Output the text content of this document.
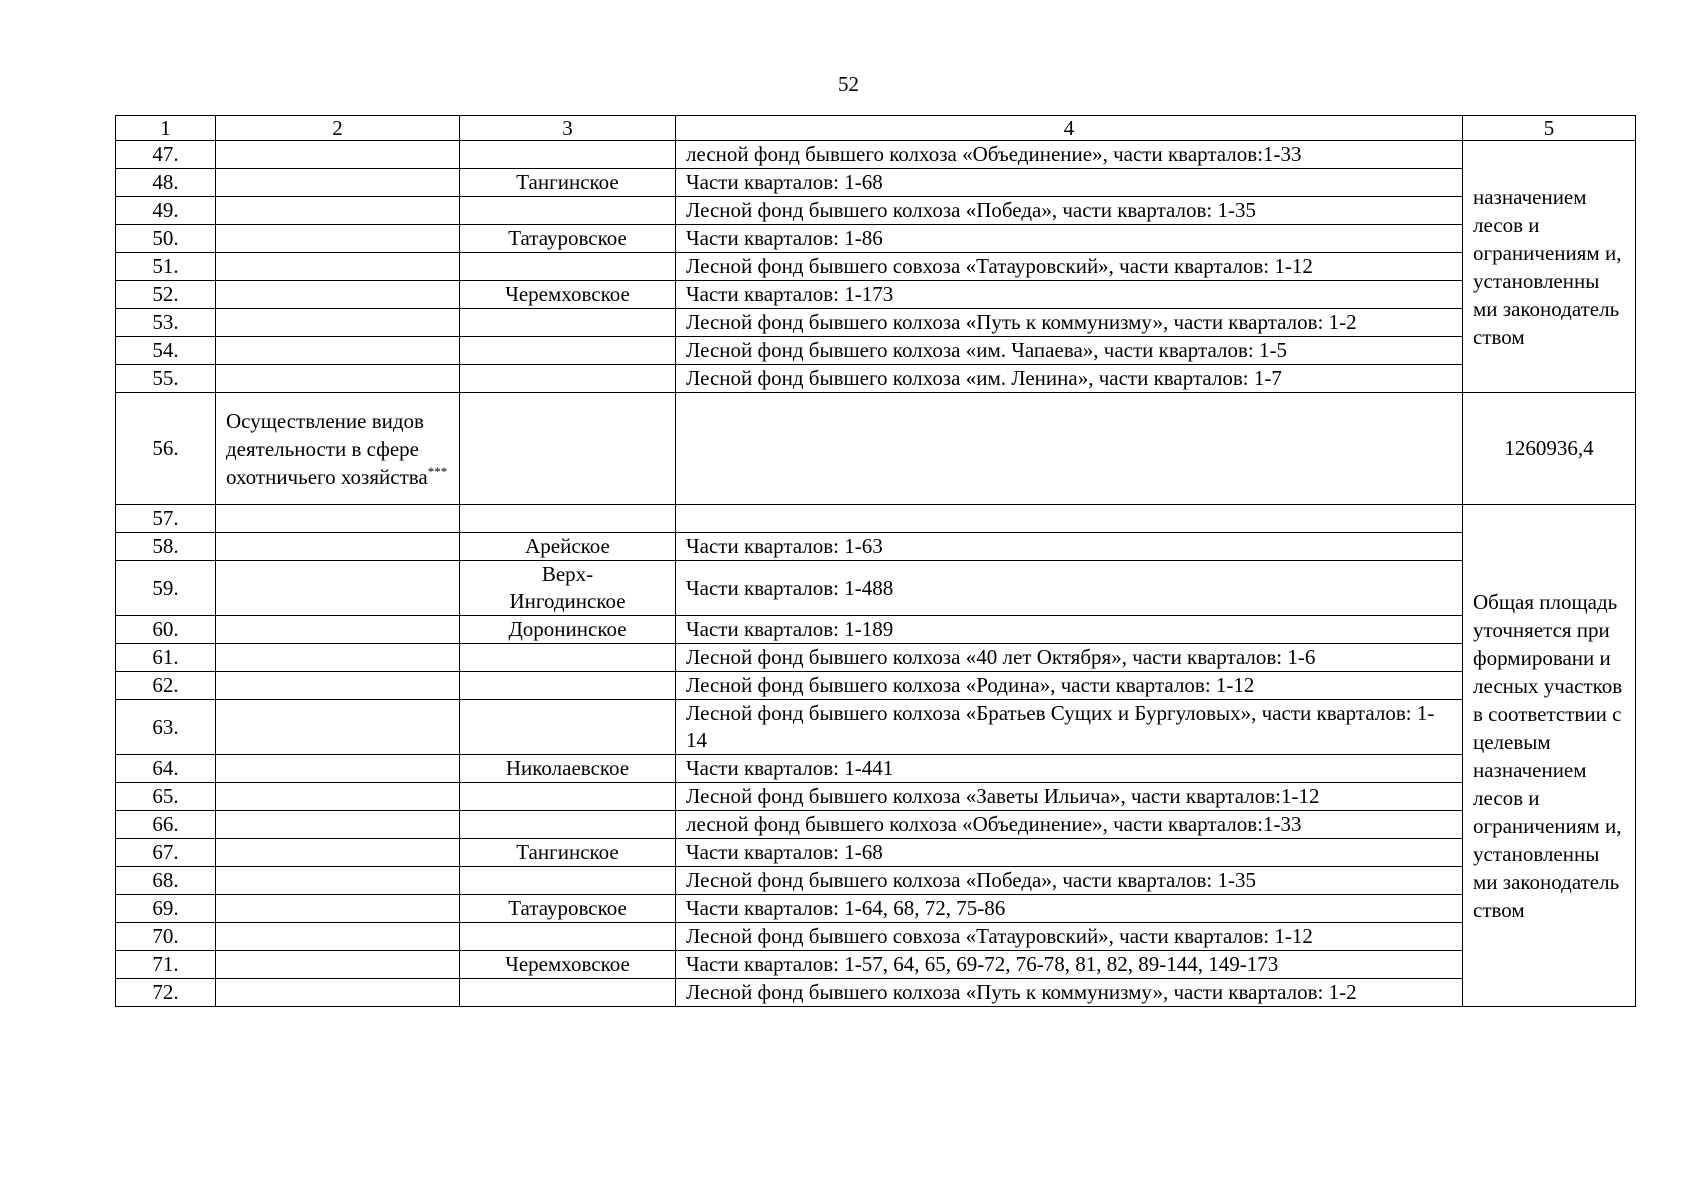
52
1	2	3	4	5
47.			лесной фонд бывшего колхоза «Объединение», части кварталов:1-33	назначением лесов и ограничениям и, установленны ми законодатель ством
48.		Тангинское	Части кварталов: 1-68	
49.			Лесной фонд бывшего колхоза «Победа», части кварталов: 1-35	
50.		Татауровское	Части кварталов: 1-86	
51.			Лесной фонд бывшего совхоза «Татауровский», части кварталов: 1-12	
52.		Черемховское	Части кварталов: 1-173	
53.			Лесной фонд бывшего колхоза «Путь к коммунизму», части кварталов: 1-2	
54.			Лесной фонд бывшего колхоза «им. Чапаева», части кварталов: 1-5	
55.			Лесной фонд бывшего колхоза «им. Ленина», части кварталов: 1-7	
56.	Осуществление видов деятельности в сфере охотничьего хозяйства***			1260936,4
57.				Общая площадь уточняется при формировани и лесных участков в соответствии с целевым назначением лесов и ограничениям и, установленны ми законодатель ством
58.		Арейское	Части кварталов: 1-63	
59.		Верх-Ингодинское	Части кварталов: 1-488	
60.		Доронинское	Части кварталов: 1-189	
61.			Лесной фонд бывшего колхоза «40 лет Октября», части кварталов: 1-6	
62.			Лесной фонд бывшего колхоза «Родина», части кварталов: 1-12	
63.			Лесной фонд бывшего колхоза «Братьев Сущих и Бургуловых», части кварталов: 1-14	
64.		Николаевское	Части кварталов: 1-441	
65.			Лесной фонд бывшего колхоза «Заветы Ильича», части кварталов:1-12	
66.			лесной фонд бывшего колхоза «Объединение», части кварталов:1-33	
67.		Тангинское	Части кварталов: 1-68	
68.			Лесной фонд бывшего колхоза «Победа», части кварталов: 1-35	
69.		Татауровское	Части кварталов: 1-64, 68, 72, 75-86	
70.			Лесной фонд бывшего совхоза «Татауровский», части кварталов: 1-12	
71.		Черемховское	Части кварталов: 1-57, 64, 65, 69-72, 76-78, 81, 82, 89-144, 149-173	
72.			Лесной фонд бывшего колхоза «Путь к коммунизму», части кварталов: 1-2	
